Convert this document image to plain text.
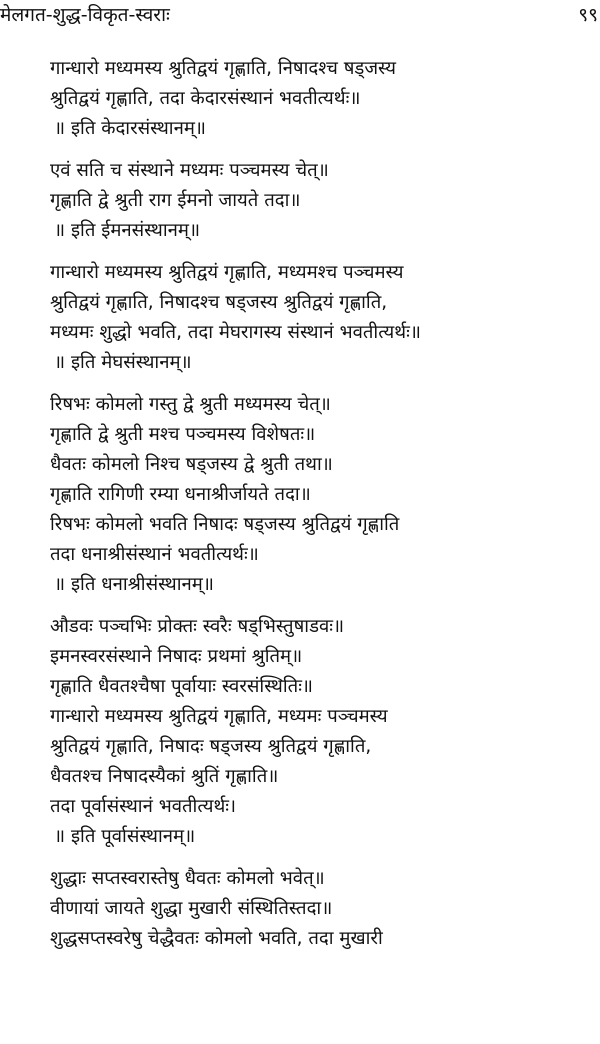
मेलगत-शुद्ध-विकृत-स्वराः	९९
गान्धारो मध्यमस्य श्रुतिद्वयं गृह्णाति, निषादश्च षड्जस्य
श्रुतिद्वयं गृह्णाति, तदा केदारसंस्थानं भवतीत्यर्थः॥
॥ इति केदारसंस्थानम्॥
एवं सति च संस्थाने मध्यमः पञ्चमस्य चेत्॥
गृह्णाति द्वे श्रुती राग ईमनो जायते तदा॥
॥ इति ईमनसंस्थानम्॥
गान्धारो मध्यमस्य श्रुतिद्वयं गृह्णाति, मध्यमश्च पञ्चमस्य
श्रुतिद्वयं गृह्णाति, निषादश्च षड्जस्य श्रुतिद्वयं गृह्णाति,
मध्यमः शुद्धो भवति, तदा मेघरागस्य संस्थानं भवतीत्यर्थः॥
॥ इति मेघसंस्थानम्॥
रिषभः कोमलो गस्तु द्वे श्रुती मध्यमस्य चेत्॥
गृह्णाति द्वे श्रुती मश्च पञ्चमस्य विशेषतः॥
धैवतः कोमलो निश्च षड्जस्य द्वे श्रुती तथा॥
गृह्णाति रागिणी रम्या धनाश्रीर्जायते तदा॥
रिषभः कोमलो भवति निषादः षड्जस्य श्रुतिद्वयं गृह्णाति
तदा धनाश्रीसंस्थानं भवतीत्यर्थः॥
॥ इति धनाश्रीसंस्थानम्॥
औडवः पञ्चभिः प्रोक्तः स्वरैः षड्भिस्तुषाडवः॥
इमनस्वरसंस्थाने निषादः प्रथमां श्रुतिम्॥
गृह्णाति धैवतश्चैषा पूर्वायाः स्वरसंस्थितिः॥
गान्धारो मध्यमस्य श्रुतिद्वयं गृह्णाति, मध्यमः पञ्चमस्य
श्रुतिद्वयं गृह्णाति, निषादः षड्जस्य श्रुतिद्वयं गृह्णाति,
धैवतश्च निषादस्यैकां श्रुतिं गृह्णाति॥
तदा पूर्वासंस्थानं भवतीत्यर्थः।
॥ इति पूर्वासंस्थानम्॥
शुद्धाः सप्तस्वरास्तेषु धैवतः कोमलो भवेत्॥
वीणायां जायते शुद्धा मुखारी संस्थितिस्तदा॥
शुद्धसप्तस्वरेषु चेद्धैवतः कोमलो भवति, तदा मुखारी
